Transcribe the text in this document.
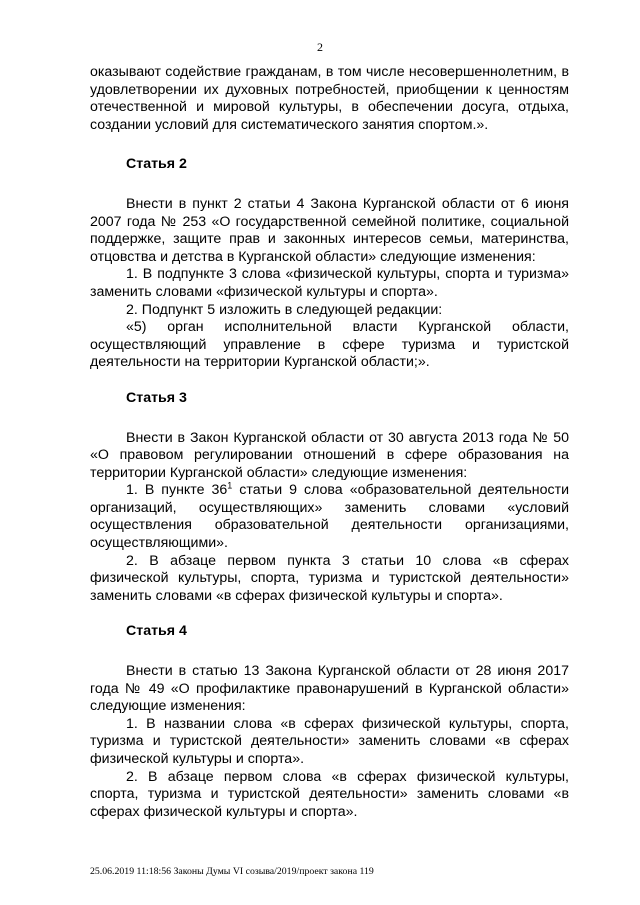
2

оказывают содействие гражданам, в том числе несовершеннолетним, в удовлетворении их духовных потребностей, приобщении к ценностям отечественной и мировой культуры, в обеспечении досуга, отдыха, создании условий для систематического занятия спортом.».

Статья 2

Внести в пункт 2 статьи 4 Закона Курганской области от 6 июня 2007 года № 253 «О государственной семейной политике, социальной поддержке, защите прав и законных интересов семьи, материнства, отцовства и детства в Курганской области» следующие изменения:

1. В подпункте 3 слова «физической культуры, спорта и туризма» заменить словами «физической культуры и спорта».

2. Подпункт 5 изложить в следующей редакции:

«5) орган исполнительной власти Курганской области, осуществляющий управление в сфере туризма и туристской деятельности на территории Курганской области;».

Статья 3

Внести в Закон Курганской области от 30 августа 2013 года № 50 «О правовом регулировании отношений в сфере образования на территории Курганской области» следующие изменения:

1. В пункте $36^1$ статьи 9 слова «образовательной деятельности организаций, осуществляющих» заменить словами «условий осуществления образовательной деятельности организациями, осуществляющими».

2. В абзаце первом пункта 3 статьи 10 слова «в сферах физической культуры, спорта, туризма и туристской деятельности» заменить словами «в сферах физической культуры и спорта».

Статья 4

Внести в статью 13 Закона Курганской области от 28 июня 2017 года № 49 «О профилактике правонарушений в Курганской области» следующие изменения:

1. В названии слова «в сферах физической культуры, спорта, туризма и туристской деятельности» заменить словами «в сферах физической культуры и спорта».

2. В абзаце первом слова «в сферах физической культуры, спорта, туризма и туристской деятельности» заменить словами «в сферах физической культуры и спорта».

25.06.2019 11:18:56 Законы Думы VI созыва/2019/проект закона 119
